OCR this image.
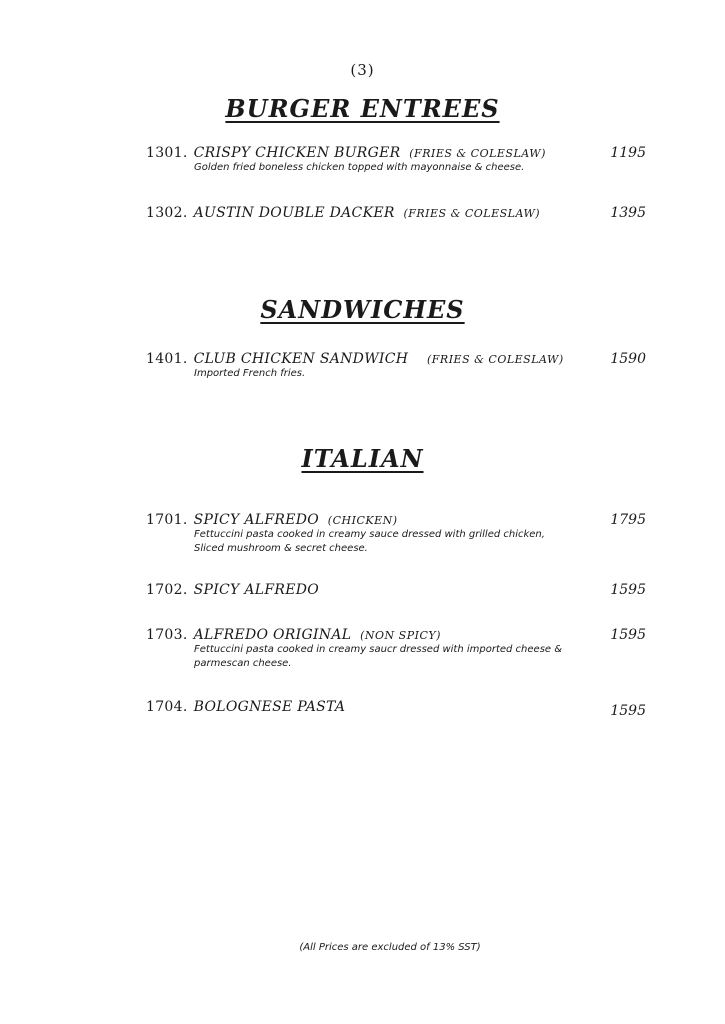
(3)
BURGER ENTREES
1301. CRISPY CHICKEN BURGER (FRIES & COLESLAW)
Golden fried boneless chicken topped with mayonnaise & cheese.
1195
1302. AUSTIN DOUBLE DACKER (FRIES & COLESLAW)	1395
SANDWICHES
1401. CLUB CHICKEN SANDWICH (FRIES & COLESLAW)
Imported French fries.
1590
ITALIAN
1701. SPICY ALFREDO (CHICKEN)
Fettuccini pasta cooked in creamy sauce dressed with grilled chicken,
Sliced mushroom & secret cheese.
1795
1702. SPICY ALFREDO	1595
1703. ALFREDO ORIGINAL (NON SPICY)
Fettuccini pasta cooked in creamy saucr dressed with imported cheese &
parmescan cheese.
1595
1704. BOLOGNESE PASTA	1595
(All Prices are excluded of 13% SST)
